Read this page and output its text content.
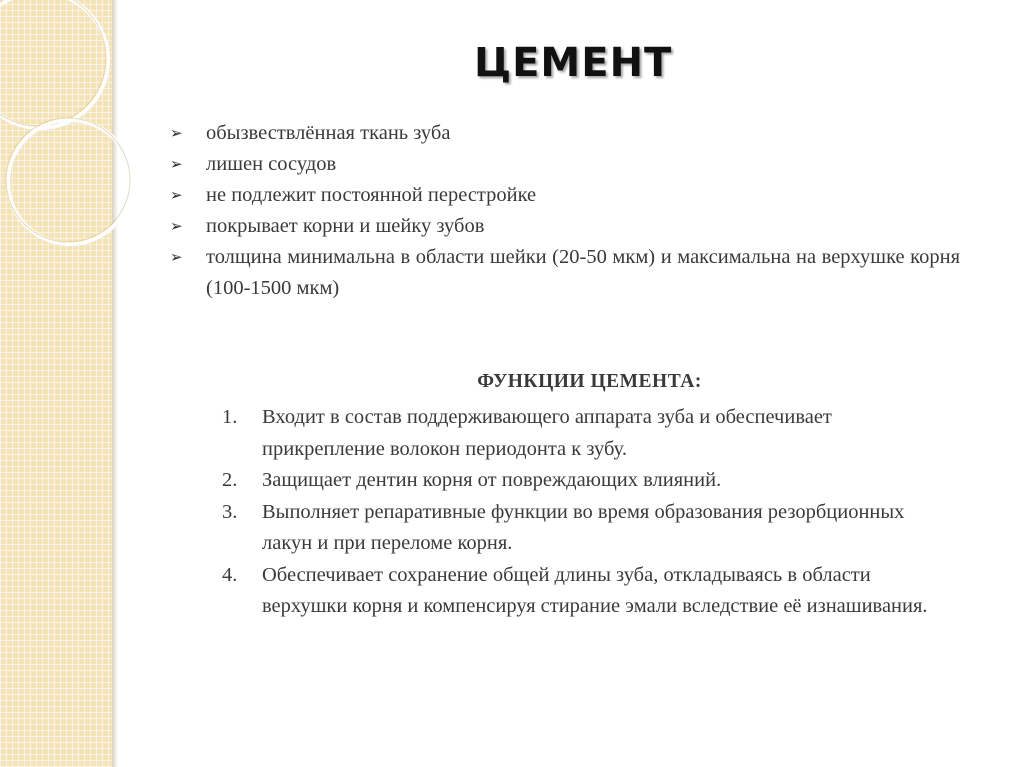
ЦЕМЕНТ
➢	обызвествлённая ткань зуба
➢	лишен сосудов
➢	не подлежит постоянной перестройке
➢	покрывает корни и шейку зубов
➢	толщина минимальна в области шейки (20-50 мкм) и максимальна на верхушке корня (100-1500 мкм)
ФУНКЦИИ ЦЕМЕНТА:
1. Входит в состав поддерживающего аппарата зуба и обеспечивает прикрепление волокон периодонта к зубу.
2. Защищает дентин корня от повреждающих влияний.
3. Выполняет репаративные функции во время образования резорбционных лакун и при переломе корня.
4. Обеспечивает сохранение общей длины зуба, откладываясь в области верхушки корня и компенсируя стирание эмали вследствие её изнашивания.
